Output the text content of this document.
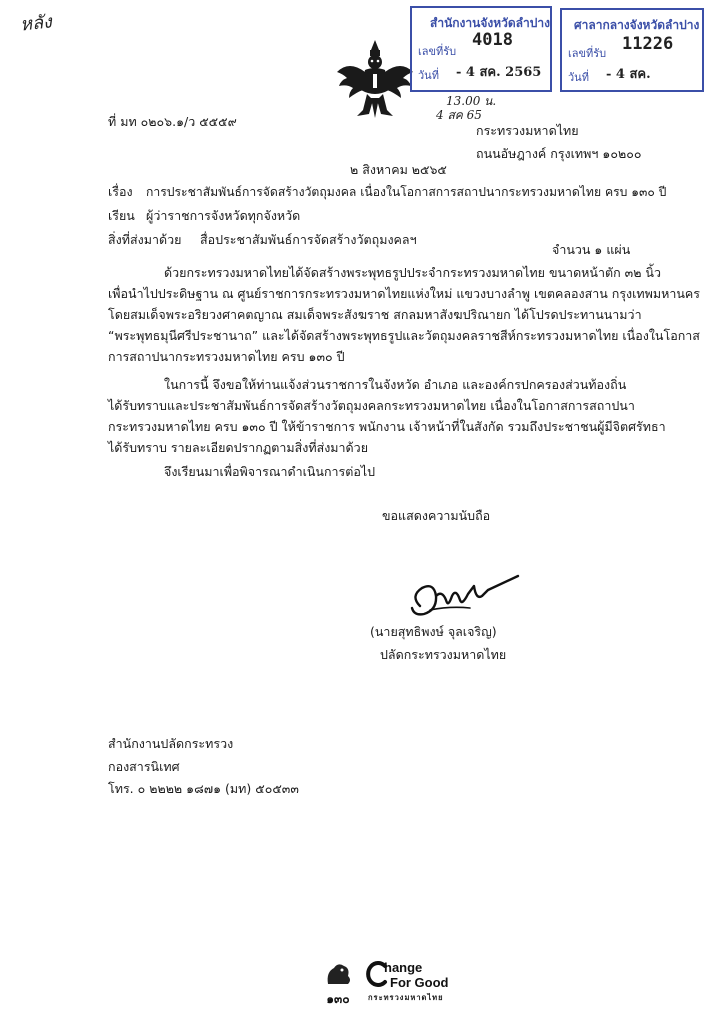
หลัง	สำนักงานจังหวัดลำปาง
เลขที่รับ
4018
วันที่ - 4 สค. 2565
ศาลากลางจังหวัดลำปาง
เลขที่รับ 11226
วันที่ - 4 สค.
13.00 น.
4 สค 65
ที่ มท ๐๒๐๖.๑/ว ๕๕๕๙
กระทรวงมหาดไทย
ถนนอัษฎางค์ กรุงเทพฯ ๑๐๒๐๐
๒ สิงหาคม ๒๕๖๕
เรื่อง การประชาสัมพันธ์การจัดสร้างวัตถุมงคล เนื่องในโอกาสการสถาปนากระทรวงมหาดไทย ครบ ๑๓๐ ปี
เรียน ผู้ว่าราชการจังหวัดทุกจังหวัด
สิ่งที่ส่งมาด้วย สื่อประชาสัมพันธ์การจัดสร้างวัตถุมงคลฯ
จำนวน ๑ แผ่น
ด้วยกระทรวงมหาดไทยได้จัดสร้างพระพุทธรูปประจำกระทรวงมหาดไทย ขนาดหน้าตัก ๓๒ นิ้ว
เพื่อนำไปประดิษฐาน ณ ศูนย์ราชการกระทรวงมหาดไทยแห่งใหม่ แขวงบางลำพู เขตคลองสาน กรุงเทพมหานคร
โดยสมเด็จพระอริยวงศาคตญาณ สมเด็จพระสังฆราช สกลมหาสังฆปริณายก ได้โปรดประทานนามว่า
“พระพุทธมุนีศรีประชานาถ” และได้จัดสร้างพระพุทธรูปและวัตถุมงคลราชสีห์กระทรวงมหาดไทย เนื่องในโอกาส
การสถาปนากระทรวงมหาดไทย ครบ ๑๓๐ ปี
ในการนี้ จึงขอให้ท่านแจ้งส่วนราชการในจังหวัด อำเภอ และองค์กรปกครองส่วนท้องถิ่น
ได้รับทราบและประชาสัมพันธ์การจัดสร้างวัตถุมงคลกระทรวงมหาดไทย เนื่องในโอกาสการสถาปนา
กระทรวงมหาดไทย ครบ ๑๓๐ ปี ให้ข้าราชการ พนักงาน เจ้าหน้าที่ในสังกัด รวมถึงประชาชนผู้มีจิตศรัทธา
ได้รับทราบ รายละเอียดปรากฏตามสิ่งที่ส่งมาด้วย
จึงเรียนมาเพื่อพิจารณาดำเนินการต่อไป
ขอแสดงความนับถือ
(นายสุทธิพงษ์ จุลเจริญ)
ปลัดกระทรวงมหาดไทย
สำนักงานปลัดกระทรวง
กองสารนิเทศ
โทร. ๐ ๒๒๒๒ ๑๘๗๑ (มท) ๕๐๕๓๓
๑๓๐
hange
For Good
กระทรวงมหาดไทย
